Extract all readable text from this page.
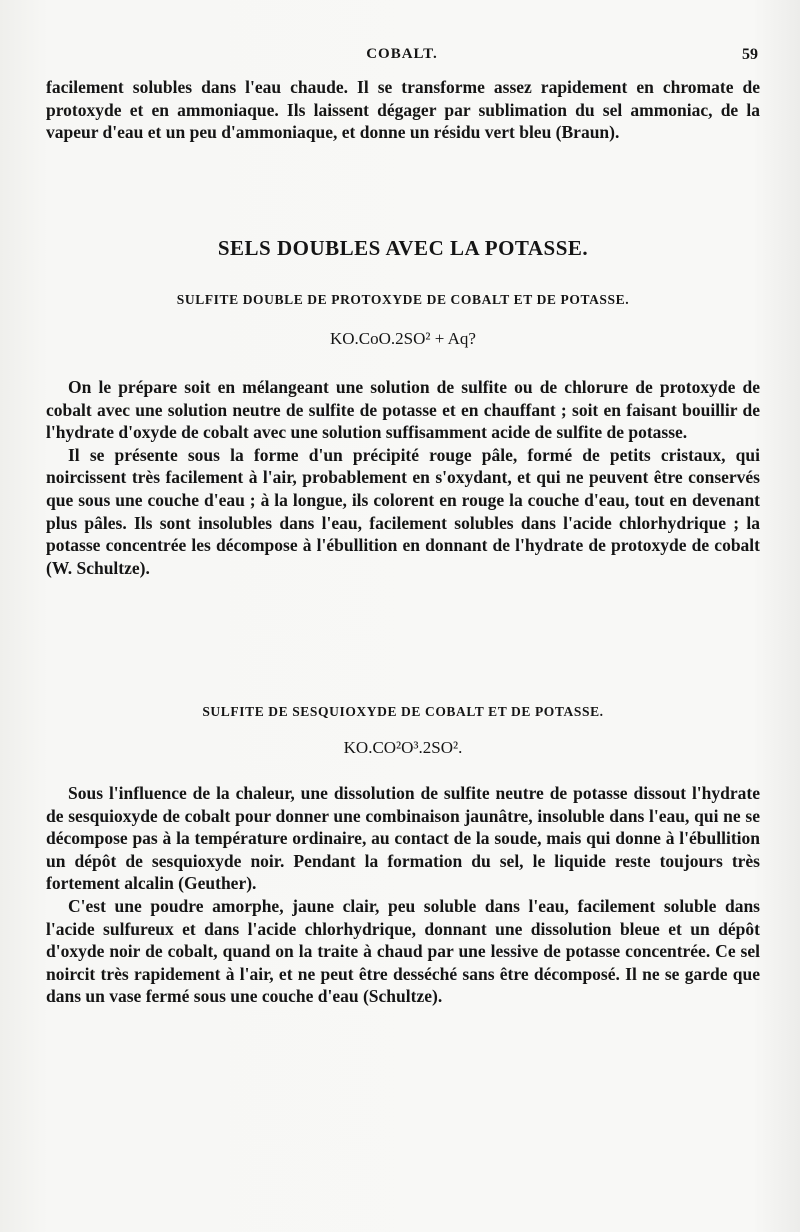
COBALT.	59

facilement solubles dans l'eau chaude. Il se transforme assez rapidement en chromate de protoxyde et en ammoniaque. Ils laissent dégager par sublimation du sel ammoniac, de la vapeur d'eau et un peu d'ammoniaque, et donne un résidu vert bleu (Braun).

SELS DOUBLES AVEC LA POTASSE.
SULFITE DOUBLE DE PROTOXYDE DE COBALT ET DE POTASSE.
KO.CoO.2SO² + Aq?

On le prépare soit en mélangeant une solution de sulfite ou de chlorure de protoxyde de cobalt avec une solution neutre de sulfite de potasse et en chauffant ; soit en faisant bouillir de l'hydrate d'oxyde de cobalt avec une solution suffisamment acide de sulfite de potasse.

Il se présente sous la forme d'un précipité rouge pâle, formé de petits cristaux, qui noircissent très facilement à l'air, probablement en s'oxydant, et qui ne peuvent être conservés que sous une couche d'eau ; à la longue, ils colorent en rouge la couche d'eau, tout en devenant plus pâles. Ils sont insolubles dans l'eau, facilement solubles dans l'acide chlorhydrique ; la potasse concentrée les décompose à l'ébullition en donnant de l'hydrate de protoxyde de cobalt (W. Schultze).

SULFITE DE SESQUIOXYDE DE COBALT ET DE POTASSE.
KO.CO²O³.2SO².

Sous l'influence de la chaleur, une dissolution de sulfite neutre de potasse dissout l'hydrate de sesquioxyde de cobalt pour donner une combinaison jaunâtre, insoluble dans l'eau, qui ne se décompose pas à la température ordinaire, au contact de la soude, mais qui donne à l'ébullition un dépôt de sesquioxyde noir. Pendant la formation du sel, le liquide reste toujours très fortement alcalin (Geuther).

C'est une poudre amorphe, jaune clair, peu soluble dans l'eau, facilement soluble dans l'acide sulfureux et dans l'acide chlorhydrique, donnant une dissolution bleue et un dépôt d'oxyde noir de cobalt, quand on la traite à chaud par une lessive de potasse concentrée. Ce sel noircit très rapidement à l'air, et ne peut être desséché sans être décomposé. Il ne se garde que dans un vase fermé sous une couche d'eau (Schultze).
